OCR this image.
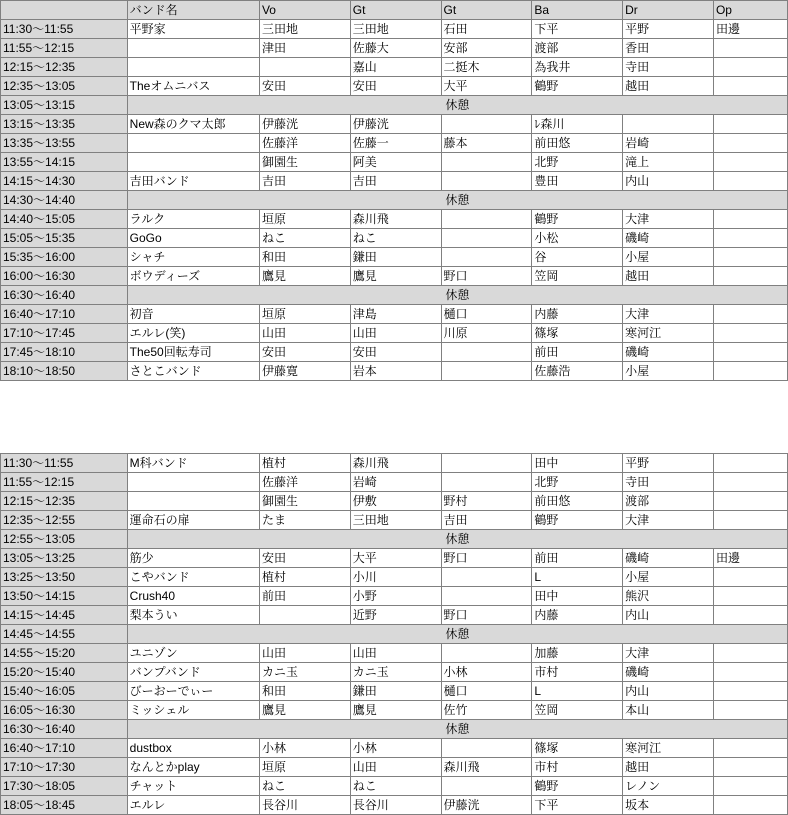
	バンド名	Vo	Gt	Gt	Ba	Dr	Op
11:30〜11:55	平野家	三田地	三田地	石田	下平	平野	田邊
11:55〜12:15		津田	佐藤大	安部	渡部	香田	
12:15〜12:35			嘉山	二挺木	為我井	寺田	
12:35〜13:05	Theオムニバス	安田	安田	大平	鶴野	越田	
13:05〜13:15	休憩						
13:15〜13:35	New森のクマ太郎	伊藤洸	伊藤洸		ﾚ森川		
13:35〜13:55		佐藤洋	佐藤一	藤本	前田悠	岩崎	
13:55〜14:15		御園生	阿美		北野	滝上	
14:15〜14:30	吉田バンド	吉田	吉田		豊田	内山	
14:30〜14:40	休憩						
14:40〜15:05	ラルク	垣原	森川飛		鶴野	大津	
15:05〜15:35	GoGo	ねこ	ねこ		小松	磯崎	
15:35〜16:00	シャチ	和田	鎌田		谷	小屋	
16:00〜16:30	ボウディーズ	鷹見	鷹見	野口	笠岡	越田	
16:30〜16:40	休憩						
16:40〜17:10	初音	垣原	津島	樋口	内藤	大津	
17:10〜17:45	エルレ(笑)	山田	山田	川原	篠塚	寒河江	
17:45〜18:10	The50回転寿司	安田	安田		前田	磯崎	
18:10〜18:50	さとこバンド	伊藤寛	岩本		佐藤浩	小屋	

11:30〜11:55	M科バンド	植村	森川飛		田中	平野	
11:55〜12:15		佐藤洋	岩崎		北野	寺田	
12:15〜12:35		御園生	伊敷	野村	前田悠	渡部	
12:35〜12:55	運命石の扉	たま	三田地	吉田	鶴野	大津	
12:55〜13:05	休憩						
13:05〜13:25	筋少	安田	大平	野口	前田	磯崎	田邊
13:25〜13:50	こやバンド	植村	小川		L	小屋	
13:50〜14:15	Crush40	前田	小野		田中	熊沢	
14:15〜14:45	梨本うい		近野	野口	内藤	内山	
14:45〜14:55	休憩						
14:55〜15:20	ユニゾン	山田	山田		加藤	大津	
15:20〜15:40	バンプバンド	カニ玉	カニ玉	小林	市村	磯崎	
15:40〜16:05	びーおーでぃー	和田	鎌田	樋口	L	内山	
16:05〜16:30	ミッシェル	鷹見	鷹見	佐竹	笠岡	本山	
16:30〜16:40	休憩						
16:40〜17:10	dustbox	小林	小林		篠塚	寒河江	
17:10〜17:30	なんとかplay	垣原	山田	森川飛	市村	越田	
17:30〜18:05	チャット	ねこ	ねこ		鶴野	レノン	
18:05〜18:45	エルレ	長谷川	長谷川	伊藤洸	下平	坂本	
